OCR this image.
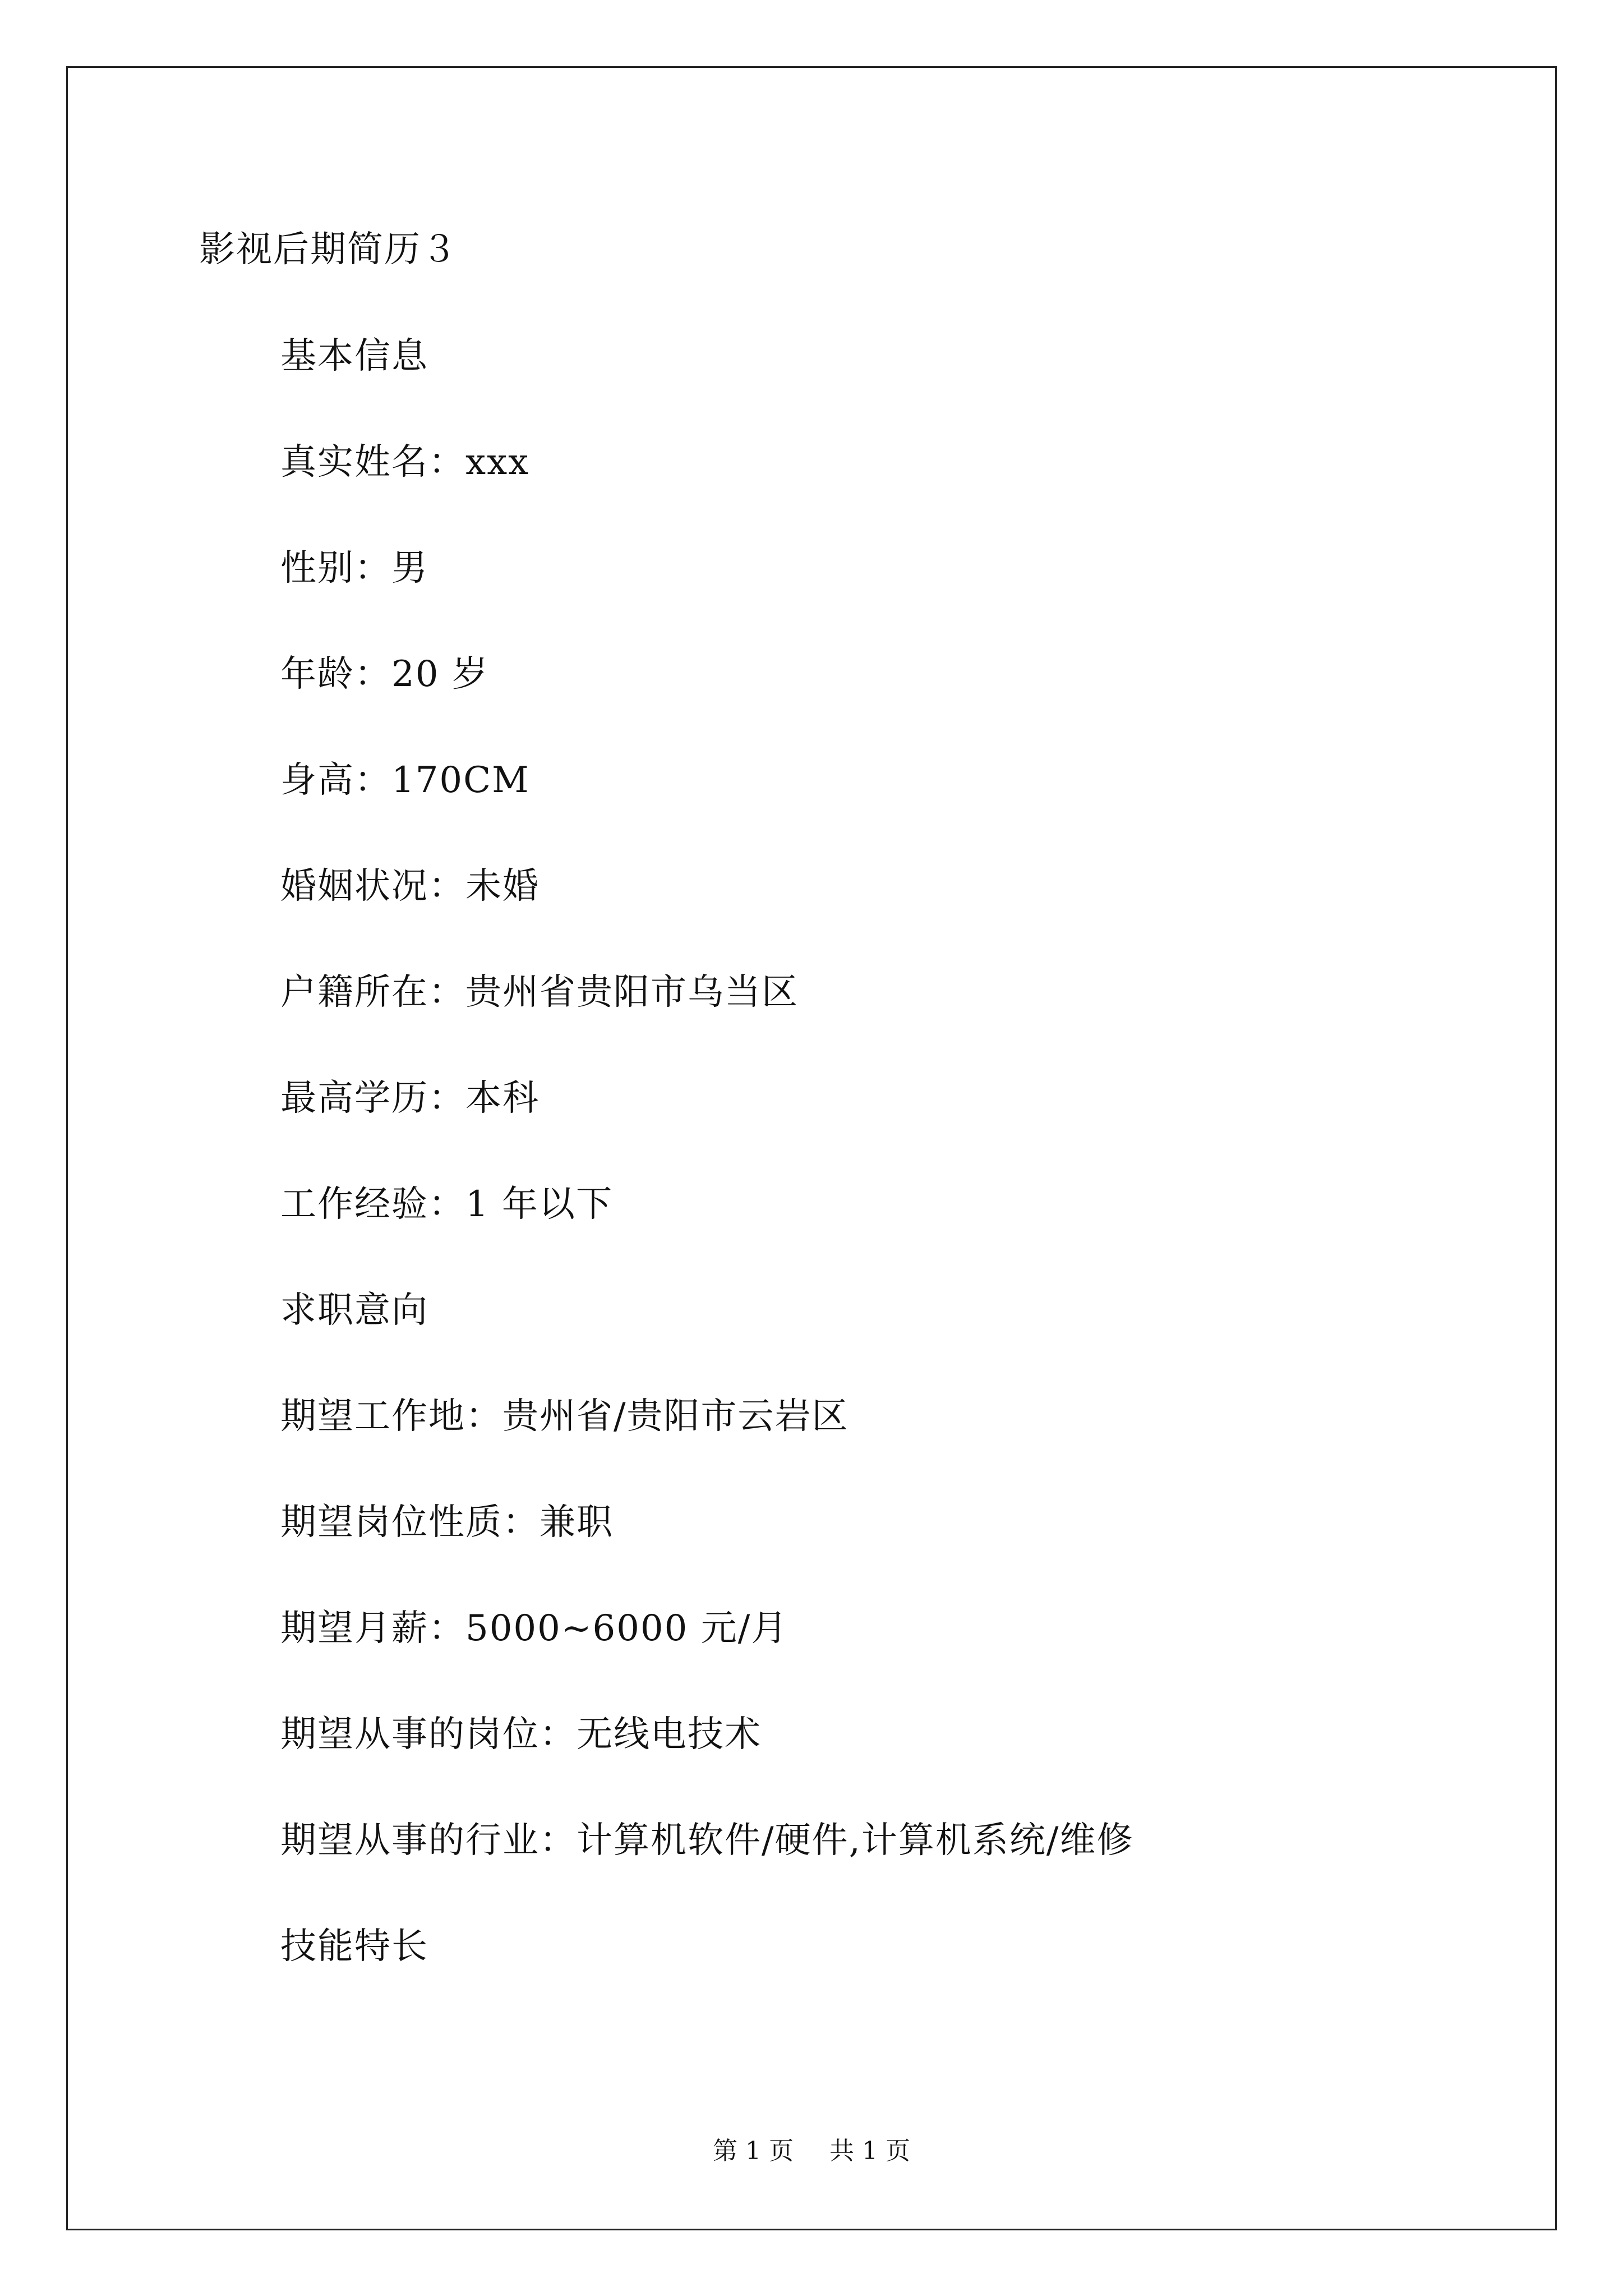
影视后期简历３
基本信息
真实姓名：xxx
性别：男
年龄：20 岁
身高：170CM
婚姻状况：未婚
户籍所在：贵州省贵阳市乌当区
最高学历：本科
工作经验：1 年以下
求职意向
期望工作地：贵州省/贵阳市云岩区
期望岗位性质：兼职
期望月薪：5000~6000 元/月
期望从事的岗位：无线电技术
期望从事的行业：计算机软件/硬件,计算机系统/维修
技能特长
第 1 页 共 1 页
